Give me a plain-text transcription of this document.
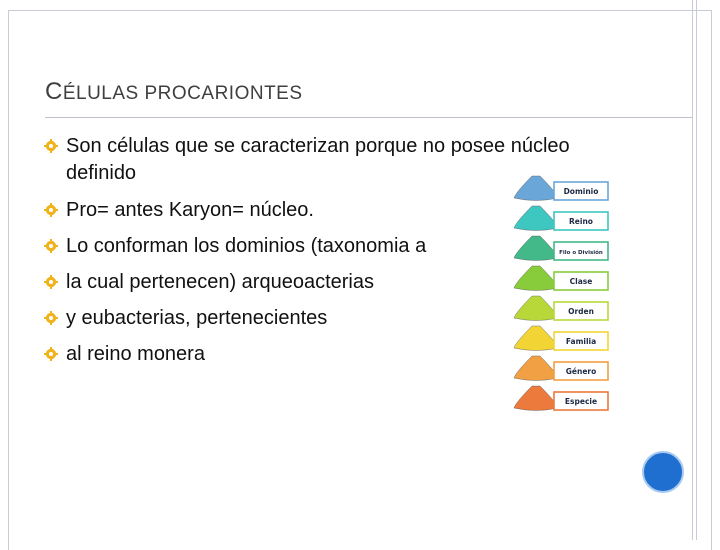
CÉLULAS PROCARIONTES
Son células que se caracterizan porque no posee núcleo definido
Pro= antes Karyon= núcleo.
Lo conforman los dominios (taxonomia a
la cual pertenecen) arqueoacterias
y eubacterias, pertenecientes
al reino monera
Dominio
Reino
Filo o División
Clase
Orden
Familia
Género
Especie
